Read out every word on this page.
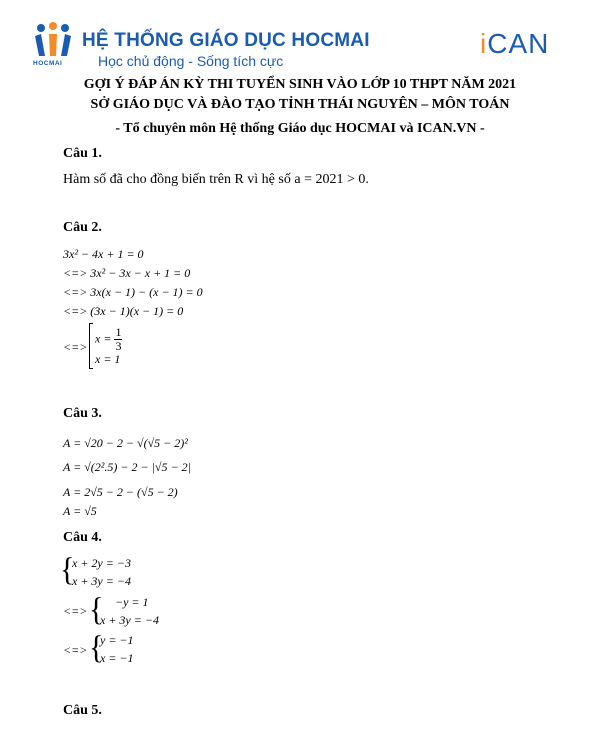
HOCMAI
HỆ THỐNG GIÁO DỤC HOCMAI
Học chủ động - Sống tích cực
iCAN
GỢI Ý ĐÁP ÁN KỲ THI TUYỂN SINH VÀO LỚP 10 THPT NĂM 2021
SỞ GIÁO DỤC VÀ ĐÀO TẠO TỈNH THÁI NGUYÊN – MÔN TOÁN
- Tổ chuyên môn Hệ thống Giáo dục HOCMAI và ICAN.VN -
Câu 1.
Hàm số đã cho đồng biến trên R vì hệ số a = 2021 > 0.
Câu 2.
3x² − 4x + 1 = 0
<=> 3x² − 3x − x + 1 = 0
<=> 3x(x − 1) − (x − 1) = 0
<=> (3x − 1)(x − 1) = 0
<=>
$x = \frac{1}{3}$
x = 1
Câu 3.
A = √20 − 2 − √(√5 − 2)²
A = √(2².5) − 2 − |√5 − 2|
A = 2√5 − 2 − (√5 − 2)
A = √5
Câu 4.
{
x + 2y = −3
x + 3y = −4
<=> { −y = 1
x + 3y = −4
<=> {
y = −1
x = −1
Câu 5.
